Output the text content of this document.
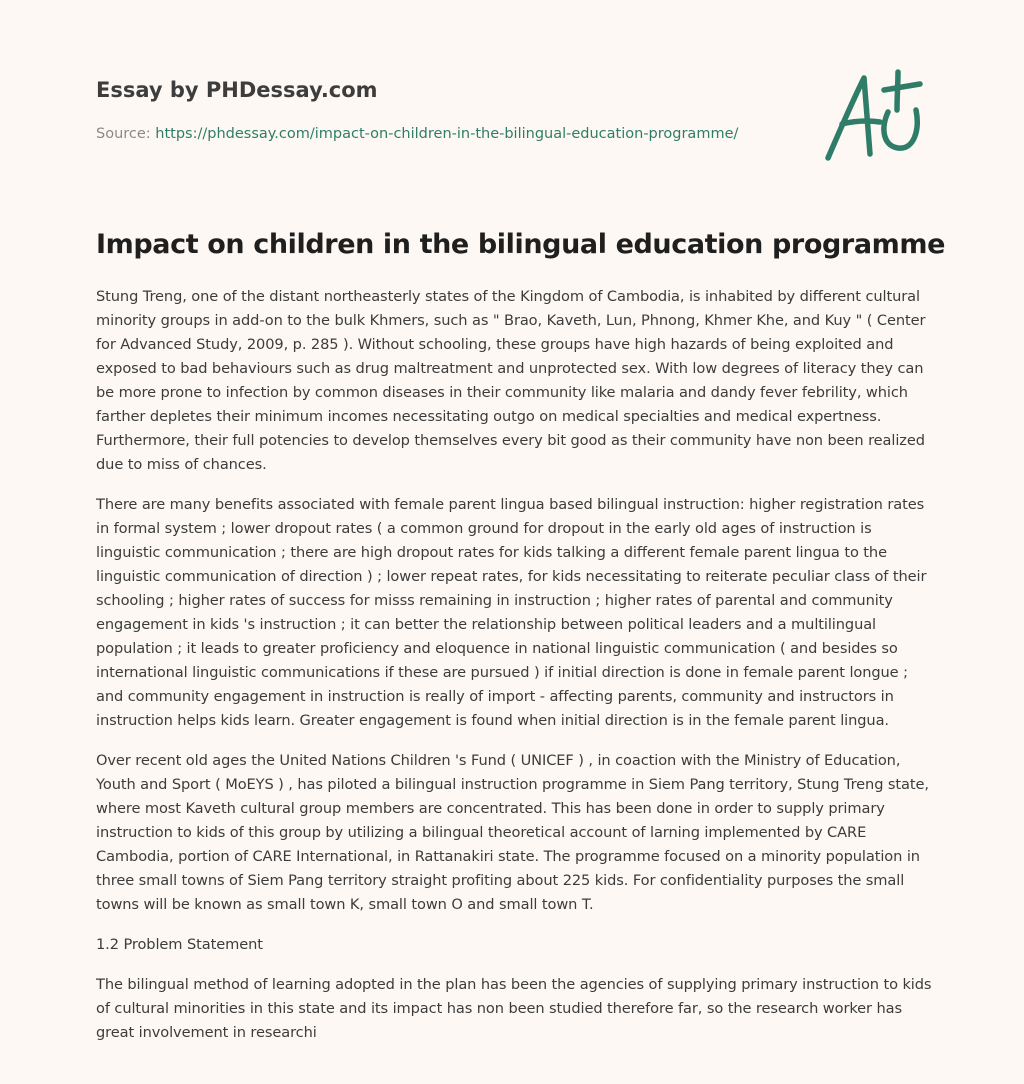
Essay by PHDessay.com
Source: https://phdessay.com/impact-on-children-in-the-bilingual-education-programme/
Impact on children in the bilingual education programme

Stung Treng, one of the distant northeasterly states of the Kingdom of Cambodia, is inhabited by different cultural minority groups in add-on to the bulk Khmers, such as " Brao, Kaveth, Lun, Phnong, Khmer Khe, and Kuy " ( Center for Advanced Study, 2009, p. 285 ). Without schooling, these groups have high hazards of being exploited and exposed to bad behaviours such as drug maltreatment and unprotected sex. With low degrees of literacy they can be more prone to infection by common diseases in their community like malaria and dandy fever febrility, which farther depletes their minimum incomes necessitating outgo on medical specialties and medical expertness. Furthermore, their full potencies to develop themselves every bit good as their community have non been realized due to miss of chances.

There are many benefits associated with female parent lingua based bilingual instruction: higher registration rates in formal system ; lower dropout rates ( a common ground for dropout in the early old ages of instruction is linguistic communication ; there are high dropout rates for kids talking a different female parent lingua to the linguistic communication of direction ) ; lower repeat rates, for kids necessitating to reiterate peculiar class of their schooling ; higher rates of success for misss remaining in instruction ; higher rates of parental and community engagement in kids 's instruction ; it can better the relationship between political leaders and a multilingual population ; it leads to greater proficiency and eloquence in national linguistic communication ( and besides so international linguistic communications if these are pursued ) if initial direction is done in female parent longue ; and community engagement in instruction is really of import - affecting parents, community and instructors in instruction helps kids learn. Greater engagement is found when initial direction is in the female parent lingua.

Over recent old ages the United Nations Children 's Fund ( UNICEF ) , in coaction with the Ministry of Education, Youth and Sport ( MoEYS ) , has piloted a bilingual instruction programme in Siem Pang territory, Stung Treng state, where most Kaveth cultural group members are concentrated. This has been done in order to supply primary instruction to kids of this group by utilizing a bilingual theoretical account of larning implemented by CARE Cambodia, portion of CARE International, in Rattanakiri state. The programme focused on a minority population in three small towns of Siem Pang territory straight profiting about 225 kids. For confidentiality purposes the small towns will be known as small town K, small town O and small town T.

1.2 Problem Statement

The bilingual method of learning adopted in the plan has been the agencies of supplying primary instruction to kids of cultural minorities in this state and its impact has non been studied therefore far, so the research worker has great involvement in researchi
